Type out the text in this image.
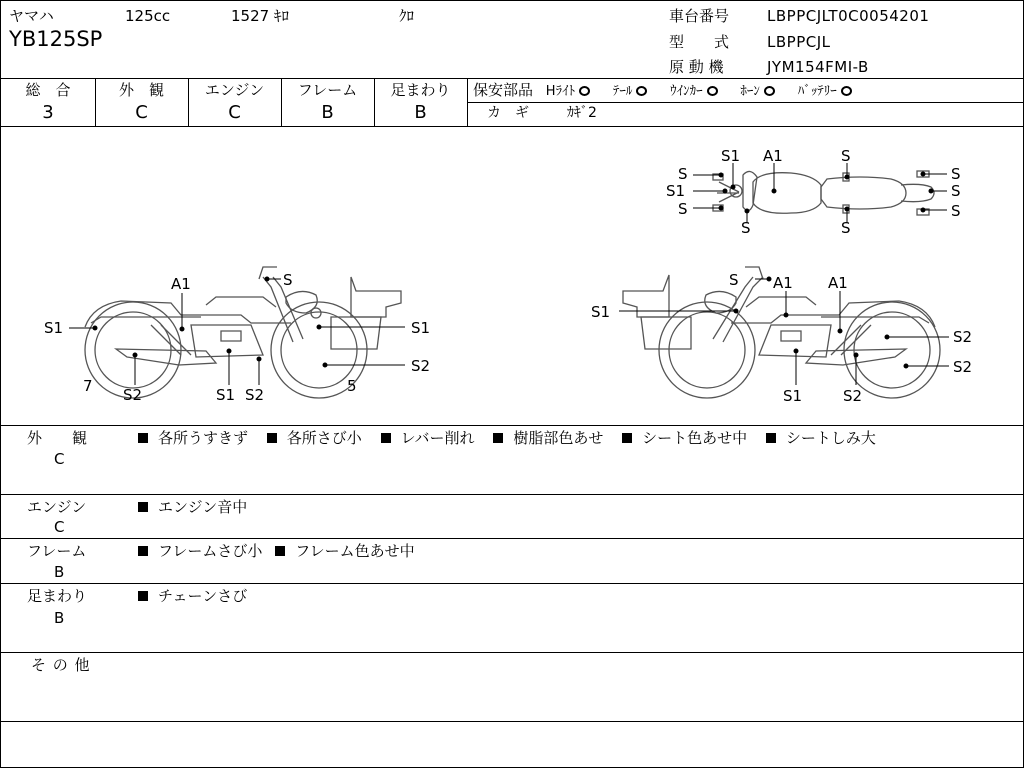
ヤマハ	125cc	1527 ｷﾛ	ｸﾛ
YB125SP
車台番号	LBPPCJLT0C0054201
型　　式	LBPPCJL
原 動 機	JYM154FMI-B
総　合
3
外　観
C
エンジン
C
フレーム
B
足まわり
B
保安部品 Hﾗｲﾄ	ﾃｰﾙ	ｳｲﾝｶｰ	ﾎｰﾝ	ﾊﾞｯﾃﾘｰ
カ　ギ	ｶｷﾞ2
S1 A1	S
S
S1
S
S	S
S
S
S
A1	S
S1	S1
S2
7 S2	S1 S2	5
S A1 A1
S1
S2
S2
S1	S2
外　　観
C
各所うすきず	各所さび小	レバー削れ	樹脂部色あせ	シート色あせ中	シートしみ大
エンジン
C
エンジン音中
フレーム
B
フレームさび小 フレーム色あせ中
足まわり
B
チェーンさび
そ の 他
